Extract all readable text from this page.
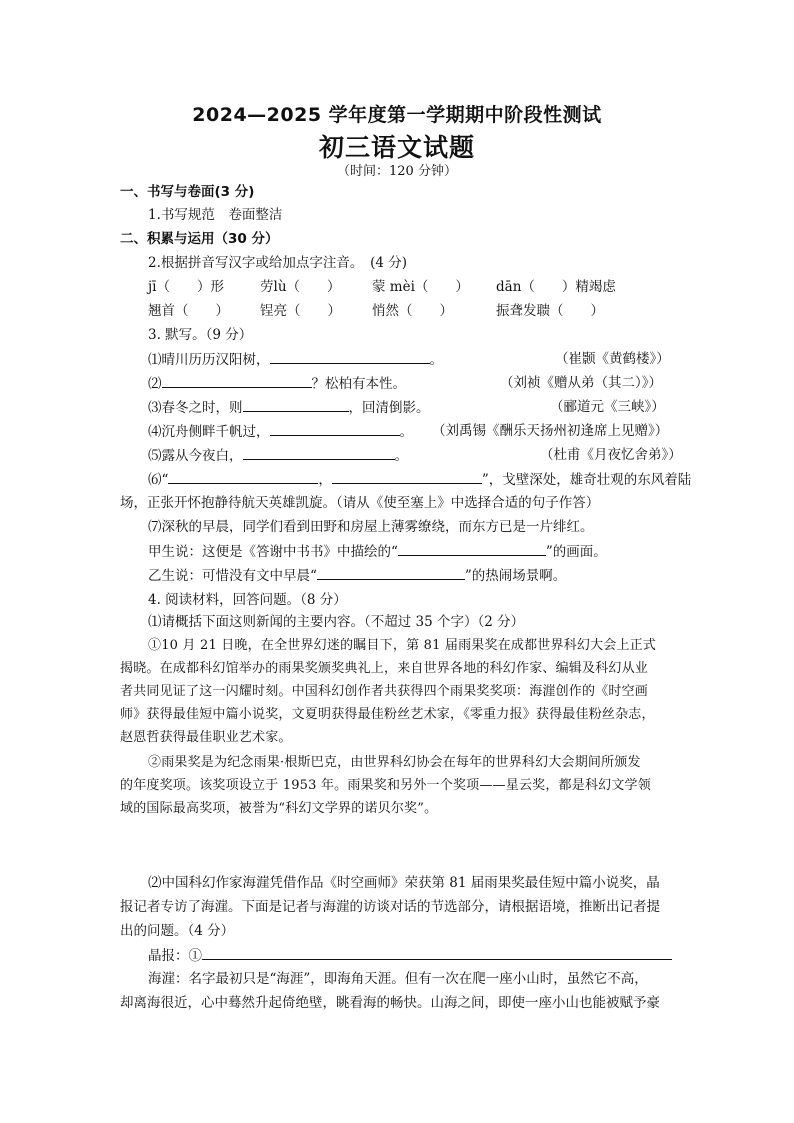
2024—2025 学年度第一学期期中阶段性测试
初三语文试题
（时间：120 分钟）
一、书写与卷面(3 分)
1.书写规范　卷面整洁
二、积累与运用（30 分）
2.根据拼音写汉字或给加点字注音。　(4 分)
jī（　　）形	劳lù（　　） 蒙 mèi（　　） dān（　　）精竭虑
翘首（　　） 锃亮（　　） 悄然（　　）	振聋发聩（　　）
3. 默写。（9 分）
⑴晴川历历汉阳树，	。	（崔颢《黄鹤楼》）
⑵	？松柏有本性。	（刘祯《赠从弟（其二）》）
⑶春冬之时，则	，回清倒影。	（郦道元《三峡》）
⑷沉舟侧畔千帆过，	。 （刘禹锡《酬乐天扬州初逢席上见赠》）
⑸露从今夜白，	。	（杜甫《月夜忆舍弟》）
⑹“	，	”，戈壁深处，雄奇壮观的东风着陆
场，正张开怀抱静待航天英雄凯旋。（请从《使至塞上》中选择合适的句子作答）
⑺深秋的早晨，同学们看到田野和房屋上薄雾缭绕，而东方已是一片绯红。
甲生说：这便是《答谢中书书》中描绘的“	”的画面。
乙生说：可惜没有文中早晨“	”的热闹场景啊。
4. 阅读材料，回答问题。（8 分）
⑴请概括下面这则新闻的主要内容。（不超过 35 个字）（2 分）
①10 月 21 日晚，在全世界幻迷的瞩目下，第 81 届雨果奖在成都世界科幻大会上正式
揭晓。在成都科幻馆举办的雨果奖颁奖典礼上，来自世界各地的科幻作家、编辑及科幻从业
者共同见证了这一闪耀时刻。中国科幻创作者共获得四个雨果奖奖项：海漄创作的《时空画
师》获得最佳短中篇小说奖，文夏明获得最佳粉丝艺术家，《零重力报》获得最佳粉丝杂志，
赵恩哲获得最佳职业艺术家。
②雨果奖是为纪念雨果·根斯巴克，由世界科幻协会在每年的世界科幻大会期间所颁发
的年度奖项。该奖项设立于 1953 年。雨果奖和另外一个奖项——星云奖，都是科幻文学领
域的国际最高奖项，被誉为“科幻文学界的诺贝尔奖”。
⑵中国科幻作家海漄凭借作品《时空画师》荣获第 81 届雨果奖最佳短中篇小说奖，晶
报记者专访了海漄。下面是记者与海漄的访谈对话的节选部分，请根据语境，推断出记者提
出的问题。（4 分）
晶报：①
海漄：名字最初只是“海涯”，即海角天涯。但有一次在爬一座小山时，虽然它不高，
却离海很近，心中蓦然升起倚绝壁，眺看海的畅快。山海之间，即使一座小山也能被赋予豪
